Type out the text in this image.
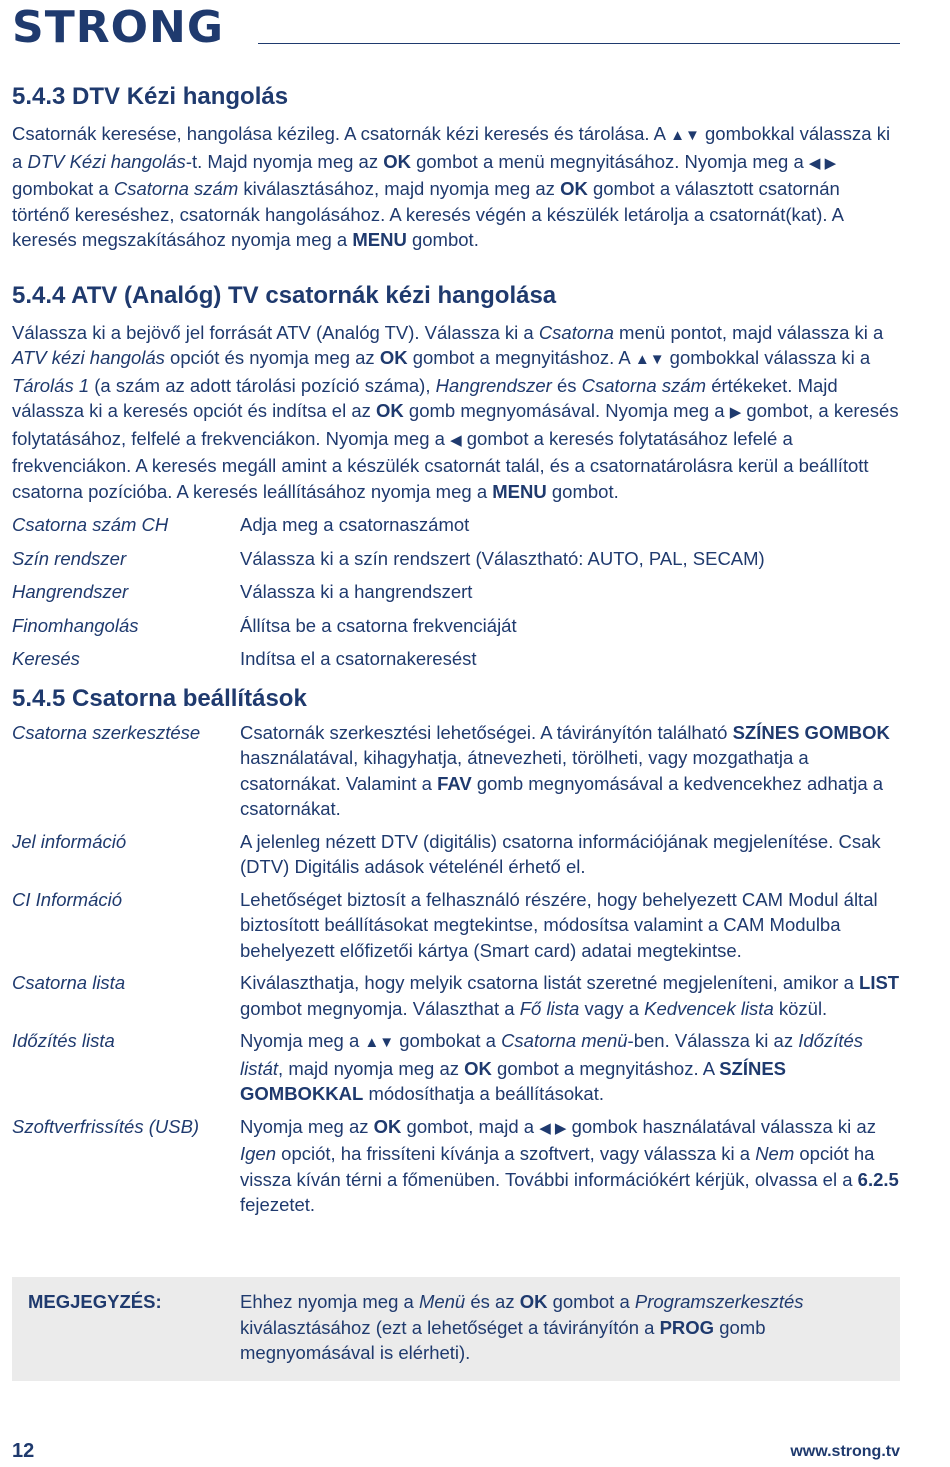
STRONG
5.4.3 DTV Kézi hangolás

Csatornák keresése, hangolása kézileg. A csatornák kézi keresés és tárolása. A ▲▼ gombokkal válassza ki a DTV Kézi hangolás-t. Majd nyomja meg az OK gombot a menü megnyitásához. Nyomja meg a ◀ ▶ gombokat a Csatorna szám kiválasztásához, majd nyomja meg az OK gombot a választott csatornán történő kereséshez, csatornák hangolásához. A keresés végén a készülék letárolja a csatornát(kat). A keresés megszakításához nyomja meg a MENU gombot.

5.4.4 ATV (Analóg) TV csatornák kézi hangolása

Válassza ki a bejövő jel forrását ATV (Analóg TV). Válassza ki a Csatorna menü pontot, majd válassza ki a ATV kézi hangolás opciót és nyomja meg az OK gombot a megnyitáshoz. A ▲▼ gombokkal válassza ki a Tárolás 1 (a szám az adott tárolási pozíció száma), Hangrendszer és Csatorna szám értékeket. Majd válassza ki a keresés opciót és indítsa el az OK gomb megnyomásával. Nyomja meg a ▶ gombot, a keresés folytatásához, felfelé a frekvenciákon. Nyomja meg a ◀ gombot a keresés folytatásához lefelé a frekvenciákon. A keresés megáll amint a készülék csatornát talál, és a csatornatárolásra kerül a beállított csatorna pozícióba. A keresés leállításához nyomja meg a MENU gombot.

Csatorna szám CH	Adja meg a csatornaszámot
Szín rendszer	Válassza ki a szín rendszert (Választható: AUTO, PAL, SECAM)
Hangrendszer	Válassza ki a hangrendszert
Finomhangolás	Állítsa be a csatorna frekvenciáját
Keresés	Indítsa el a csatornakeresést
5.4.5 Csatorna beállítások
Csatorna szerkesztése	Csatornák szerkesztési lehetőségei. A távirányítón található SZÍNES GOMBOK használatával, kihagyhatja, átnevezheti, törölheti, vagy mozgathatja a csatornákat. Valamint a FAV gomb megnyomásával a kedvencekhez adhatja a csatornákat.
Jel információ	A jelenleg nézett DTV (digitális) csatorna információjának megjelenítése. Csak (DTV) Digitális adások vételénél érhető el.
CI Információ	Lehetőséget biztosít a felhasználó részére, hogy behelyezett CAM Modul által biztosított beállításokat megtekintse, módosítsa valamint a CAM Modulba behelyezett előfizetői kártya (Smart card) adatai megtekintse.
Csatorna lista	Kiválaszthatja, hogy melyik csatorna listát szeretné megjeleníteni, amikor a LIST gombot megnyomja. Választhat a Fő lista vagy a Kedvencek lista közül.
Időzítés lista	Nyomja meg a ▲▼ gombokat a Csatorna menü-ben. Válassza ki az Időzítés listát, majd nyomja meg az OK gombot a megnyitáshoz. A SZÍNES GOMBOKKAL módosíthatja a beállításokat.
Szoftverfrissítés (USB)	Nyomja meg az OK gombot, majd a ◀ ▶ gombok használatával válassza ki az Igen opciót, ha frissíteni kívánja a szoftvert, vagy válassza ki a Nem opciót ha vissza kíván térni a főmenüben. További információkért kérjük, olvassa el a 6.2.5 fejezetet.
MEGJEGYZÉS:	Ehhez nyomja meg a Menü és az OK gombot a Programszerkesztés kiválasztásához (ezt a lehetőséget a távirányítón a PROG gomb megnyomásával is elérheti).
12	www.strong.tv
